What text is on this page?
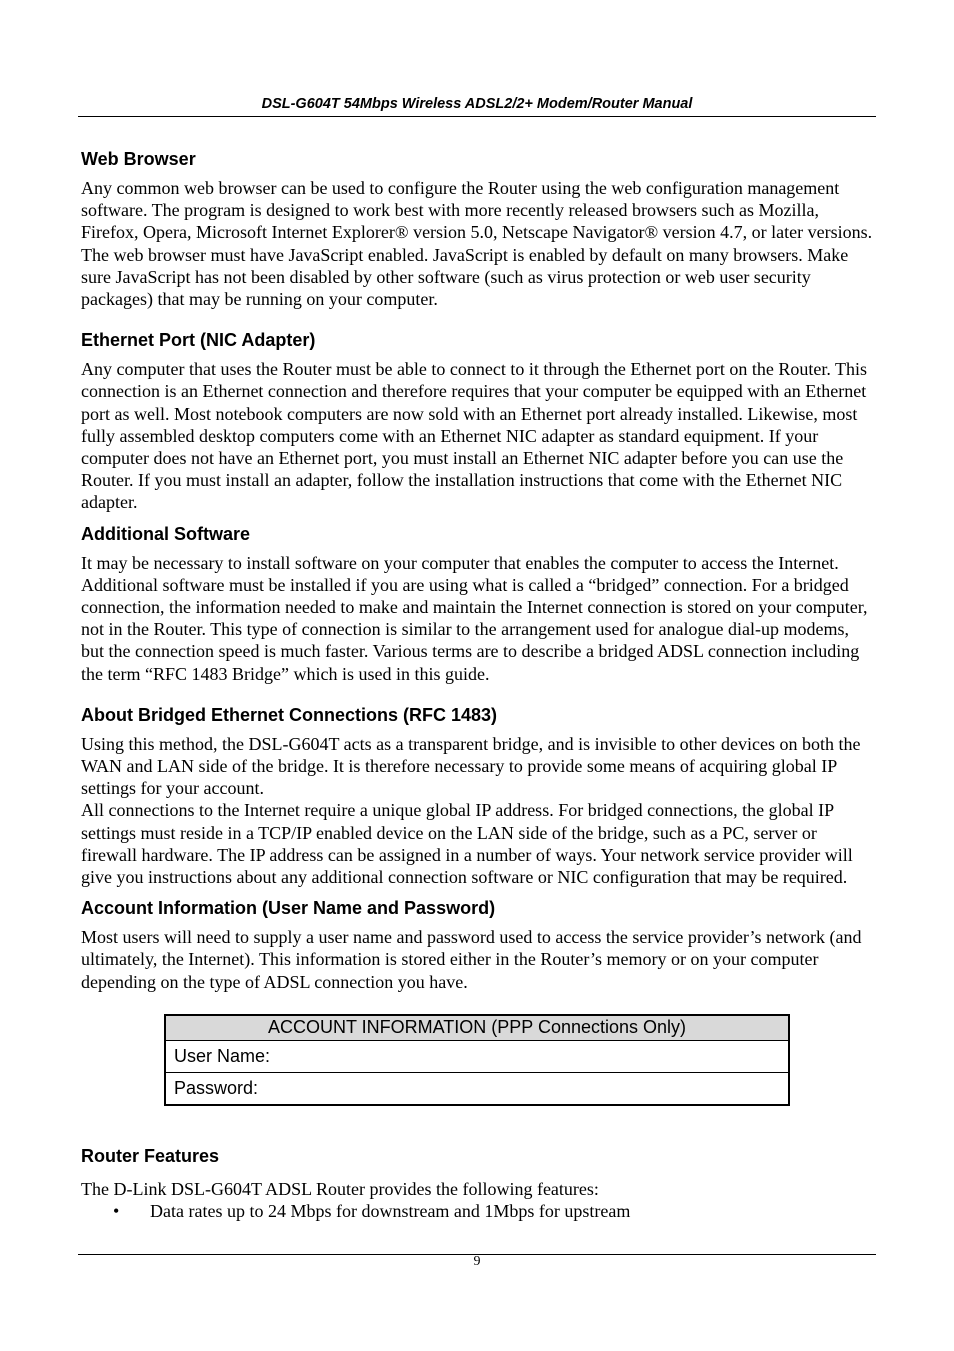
DSL-G604T 54Mbps Wireless ADSL2/2+ Modem/Router Manual
Web Browser

Any common web browser can be used to configure the Router using the web configuration management software. The program is designed to work best with more recently released browsers such as Mozilla, Firefox, Opera, Microsoft Internet Explorer® version 5.0, Netscape Navigator® version 4.7, or later versions. The web browser must have JavaScript enabled. JavaScript is enabled by default on many browsers. Make sure JavaScript has not been disabled by other software (such as virus protection or web user security packages) that may be running on your computer.

Ethernet Port (NIC Adapter)

Any computer that uses the Router must be able to connect to it through the Ethernet port on the Router. This connection is an Ethernet connection and therefore requires that your computer be equipped with an Ethernet port as well. Most notebook computers are now sold with an Ethernet port already installed. Likewise, most fully assembled desktop computers come with an Ethernet NIC adapter as standard equipment. If your computer does not have an Ethernet port, you must install an Ethernet NIC adapter before you can use the Router. If you must install an adapter, follow the installation instructions that come with the Ethernet NIC adapter.

Additional Software

It may be necessary to install software on your computer that enables the computer to access the Internet. Additional software must be installed if you are using what is called a “bridged” connection. For a bridged connection, the information needed to make and maintain the Internet connection is stored on your computer, not in the Router. This type of connection is similar to the arrangement used for analogue dial-up modems, but the connection speed is much faster. Various terms are to describe a bridged ADSL connection including the term “RFC 1483 Bridge” which is used in this guide.

About Bridged Ethernet Connections (RFC 1483)

Using this method, the DSL-G604T acts as a transparent bridge, and is invisible to other devices on both the WAN and LAN side of the bridge. It is therefore necessary to provide some means of acquiring global IP settings for your account.

All connections to the Internet require a unique global IP address. For bridged connections, the global IP settings must reside in a TCP/IP enabled device on the LAN side of the bridge, such as a PC, server or firewall hardware. The IP address can be assigned in a number of ways. Your network service provider will give you instructions about any additional connection software or NIC configuration that may be required.

Account Information (User Name and Password)

Most users will need to supply a user name and password used to access the service provider’s network (and ultimately, the Internet). This information is stored either in the Router’s memory or on your computer depending on the type of ADSL connection you have.

ACCOUNT INFORMATION (PPP Connections Only)
User Name:
Password:
Router Features

The D-Link DSL-G604T ADSL Router provides the following features:

• Data rates up to 24 Mbps for downstream and 1Mbps for upstream
9
